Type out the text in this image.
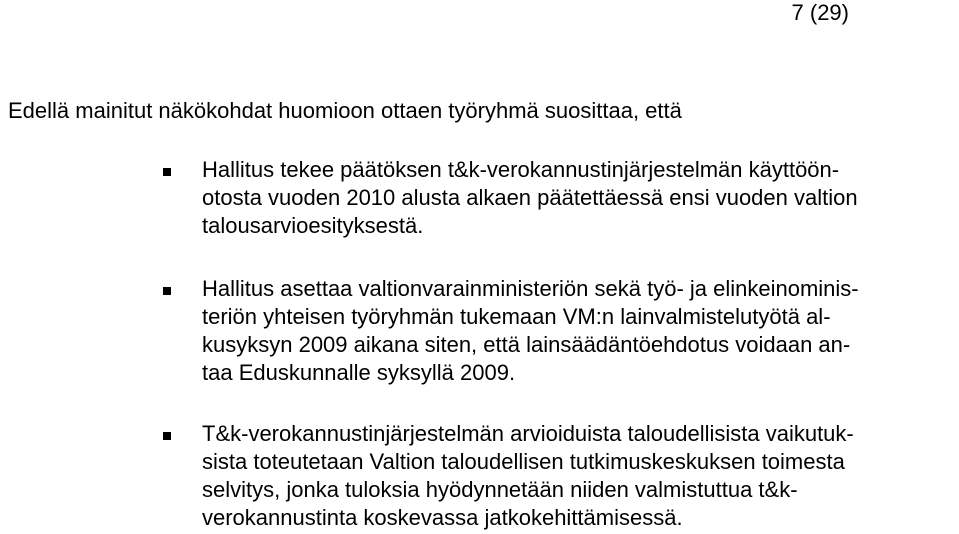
7 (29)
Edellä mainitut näkökohdat huomioon ottaen työryhmä suosittaa, että
Hallitus tekee päätöksen t&k-verokannustinjärjestelmän käyttöön-
otosta vuoden 2010 alusta alkaen päätettäessä ensi vuoden valtion
talousarvioesityksestä.
Hallitus asettaa valtionvarainministeriön sekä työ- ja elinkeinominis-
teriön yhteisen työryhmän tukemaan VM:n lainvalmistelutyötä al-
kusyksyn 2009 aikana siten, että lainsäädäntöehdotus voidaan an-
taa Eduskunnalle syksyllä 2009.
T&k-verokannustinjärjestelmän arvioiduista taloudellisista vaikutuk-
sista toteutetaan Valtion taloudellisen tutkimuskeskuksen toimesta
selvitys, jonka tuloksia hyödynnetään niiden valmistuttua t&k-
verokannustinta koskevassa jatkokehittämisessä.
